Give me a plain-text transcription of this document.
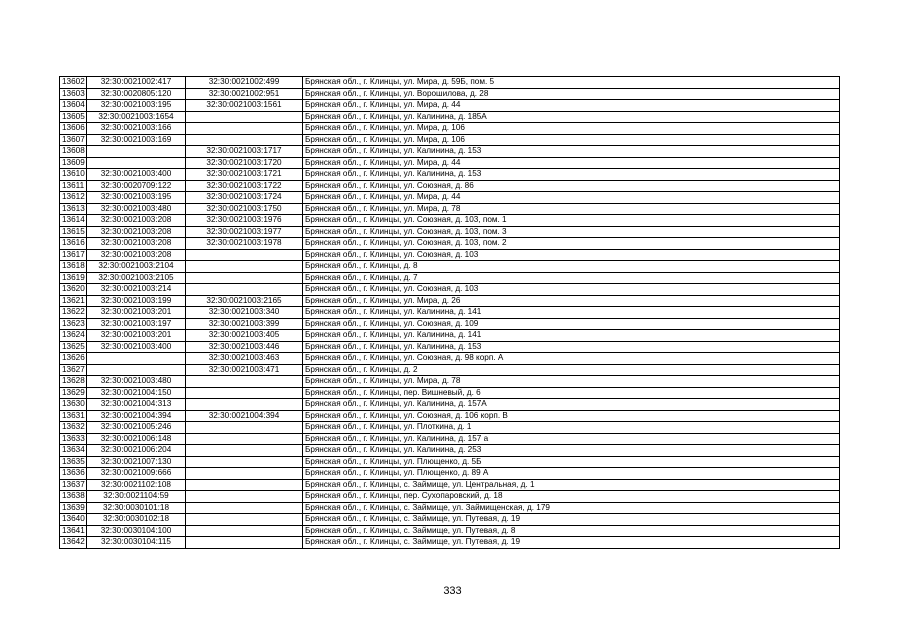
13602	32:30:0021002:417	32:30:0021002:499	Брянская обл., г. Клинцы, ул. Мира, д. 59Б, пом. 5
13603	32:30:0020805:120	32:30:0021002:951	Брянская обл., г. Клинцы, ул. Ворошилова, д. 28
13604	32:30:0021003:195	32:30:0021003:1561	Брянская обл., г. Клинцы, ул. Мира, д. 44
13605	32:30:0021003:1654		Брянская обл., г. Клинцы, ул. Калинина, д. 185А
13606	32:30:0021003:166		Брянская обл., г. Клинцы, ул. Мира, д. 106
13607	32:30:0021003:169		Брянская обл., г. Клинцы, ул. Мира, д. 106
13608		32:30:0021003:1717	Брянская обл., г. Клинцы, ул. Калинина, д. 153
13609		32:30:0021003:1720	Брянская обл., г. Клинцы, ул. Мира, д. 44
13610	32:30:0021003:400	32:30:0021003:1721	Брянская обл., г. Клинцы, ул. Калинина, д. 153
13611	32:30:0020709:122	32:30:0021003:1722	Брянская обл., г. Клинцы, ул. Союзная, д. 86
13612	32:30:0021003:195	32:30:0021003:1724	Брянская обл., г. Клинцы, ул. Мира, д. 44
13613	32:30:0021003:480	32:30:0021003:1750	Брянская обл., г. Клинцы, ул. Мира, д. 78
13614	32:30:0021003:208	32:30:0021003:1976	Брянская обл., г. Клинцы, ул. Союзная, д. 103, пом. 1
13615	32:30:0021003:208	32:30:0021003:1977	Брянская обл., г. Клинцы, ул. Союзная, д. 103, пом. 3
13616	32:30:0021003:208	32:30:0021003:1978	Брянская обл., г. Клинцы, ул. Союзная, д. 103, пом. 2
13617	32:30:0021003:208		Брянская обл., г. Клинцы, ул. Союзная, д. 103
13618	32:30:0021003:2104		Брянская обл., г. Клинцы, д. 8
13619	32:30:0021003:2105		Брянская обл., г. Клинцы, д. 7
13620	32:30:0021003:214		Брянская обл., г. Клинцы, ул. Союзная, д. 103
13621	32:30:0021003:199	32:30:0021003:2165	Брянская обл., г. Клинцы, ул. Мира, д. 26
13622	32:30:0021003:201	32:30:0021003:340	Брянская обл., г. Клинцы, ул. Калинина, д. 141
13623	32:30:0021003:197	32:30:0021003:399	Брянская обл., г. Клинцы, ул. Союзная, д. 109
13624	32:30:0021003:201	32:30:0021003:405	Брянская обл., г. Клинцы, ул. Калинина, д. 141
13625	32:30:0021003:400	32:30:0021003:446	Брянская обл., г. Клинцы, ул. Калинина, д. 153
13626		32:30:0021003:463	Брянская обл., г. Клинцы, ул. Союзная, д. 98 корп. А
13627		32:30:0021003:471	Брянская обл., г. Клинцы, д. 2
13628	32:30:0021003:480		Брянская обл., г. Клинцы, ул. Мира, д. 78
13629	32:30:0021004:150		Брянская обл., г. Клинцы, пер. Вишневый, д. 6
13630	32:30:0021004:313		Брянская обл., г. Клинцы, ул. Калинина, д. 157А
13631	32:30:0021004:394	32:30:0021004:394	Брянская обл., г. Клинцы, ул. Союзная, д. 106 корп. В
13632	32:30:0021005:246		Брянская обл., г. Клинцы, ул. Плоткина, д. 1
13633	32:30:0021006:148		Брянская обл., г. Клинцы, ул. Калинина, д. 157 а
13634	32:30:0021006:204		Брянская обл., г. Клинцы, ул. Калинина, д. 253
13635	32:30:0021007:130		Брянская обл., г. Клинцы, ул. Плющенко, д. 5Б
13636	32:30:0021009:666		Брянская обл., г. Клинцы, ул. Плющенко, д. 89 А
13637	32:30:0021102:108		Брянская обл., г. Клинцы, с. Займище, ул. Центральная, д. 1
13638	32:30:0021104:59		Брянская обл., г. Клинцы, пер. Сухопаровский, д. 18
13639	32:30:0030101:18		Брянская обл., г. Клинцы, с. Займище, ул. Займищенская, д. 179
13640	32:30:0030102:18		Брянская обл., г. Клинцы, с. Займище, ул. Путевая, д. 19
13641	32:30:0030104:100		Брянская обл., г. Клинцы, с. Займище, ул. Путевая, д. 8
13642	32:30:0030104:115		Брянская обл., г. Клинцы, с. Займище, ул. Путевая, д. 19
333
